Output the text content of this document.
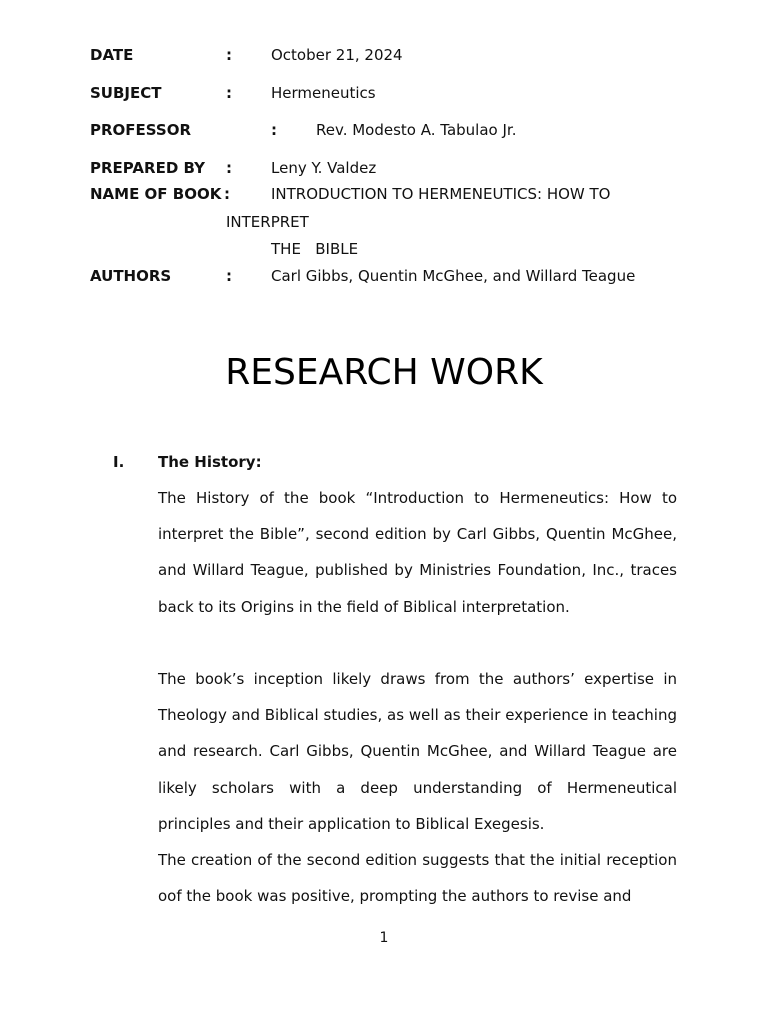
DATE	:	October 21, 2024
SUBJECT	:	Hermeneutics
PROFESSOR	:	Rev. Modesto A. Tabulao Jr.
PREPARED BY :	Leny Y. Valdez
NAME OF BOOK :	INTRODUCTION TO HERMENEUTICS: HOW TO
INTERPRET
THE   BIBLE
AUTHORS	:	Carl Gibbs, Quentin McGhee, and Willard Teague
RESEARCH WORK
I. The History:

The History of the book “Introduction to Hermeneutics: How to interpret the Bible”, second edition by Carl Gibbs, Quentin McGhee, and Willard Teague, published by Ministries Foundation, Inc., traces back to its Origins in the field of Biblical interpretation.

The book’s inception likely draws from the authors’ expertise in Theology and Biblical studies, as well as their experience in teaching and research. Carl Gibbs, Quentin McGhee, and Willard Teague are likely scholars with a deep understanding of Hermeneutical principles and their application to Biblical Exegesis.

The creation of the second edition suggests that the initial reception oof the book was positive, prompting the authors to revise and

1
